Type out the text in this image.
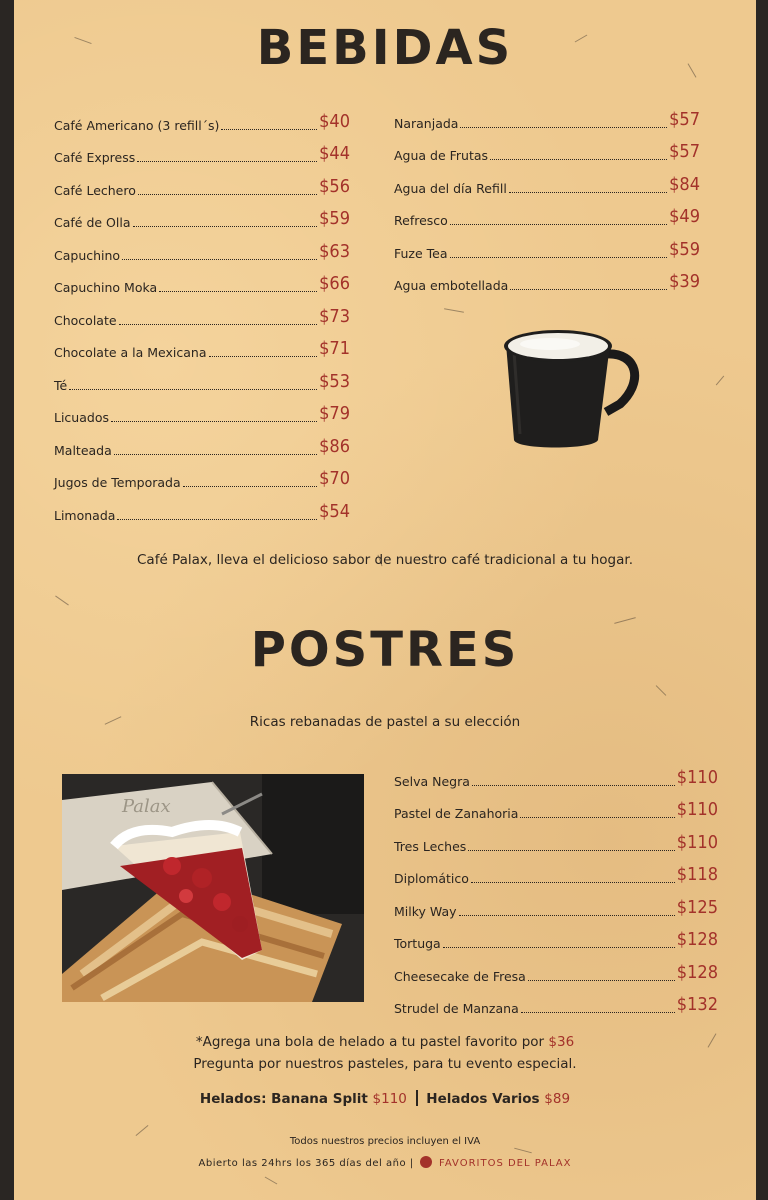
BEBIDAS
Café Americano (3 refill´s)	$40
Café Express	$44
Café Lechero	$56
Café de Olla	$59
Capuchino	$63
Capuchino Moka	$66
Chocolate	$73
Chocolate a la Mexicana	$71
Té	$53
Licuados	$79
Malteada	$86
Jugos de Temporada	$70
Limonada	$54
Naranjada	$57
Agua de Frutas	$57
Agua del día Refill	$84
Refresco	$49
Fuze Tea	$59
Agua embotellada	$39
Café Palax, lleva el delicioso sabor de nuestro café tradicional a tu hogar.
POSTRES
Ricas rebanadas de pastel a su elección
Palax
Selva Negra	$110
Pastel de Zanahoria	$110
Tres Leches	$110
Diplomático	$118
Milky Way	$125
Tortuga	$128
Cheesecake de Fresa	$128
Strudel de Manzana	$132
*Agrega una bola de helado a tu pastel favorito por $36
Pregunta por nuestros pasteles, para tu evento especial.
Helados: Banana Split $110 Helados Varios $89
Todos nuestros precios incluyen el IVA
Abierto las 24hrs los 365 días del año |	FAVORITOS DEL PALAX
